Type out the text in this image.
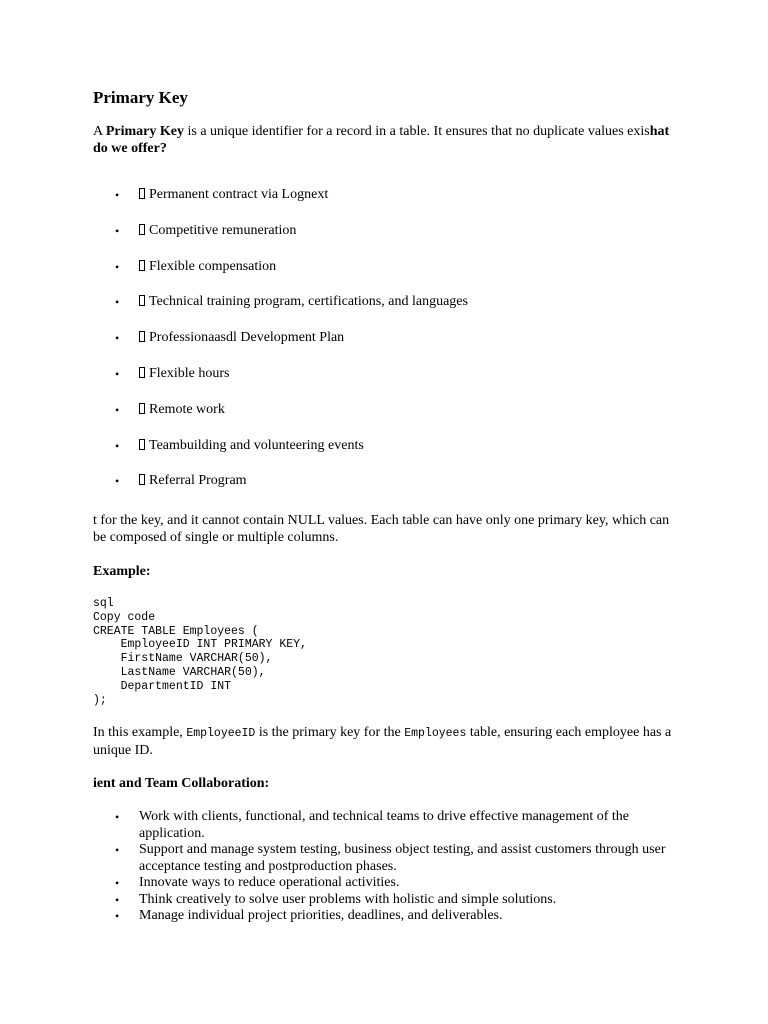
Primary Key
A Primary Key is a unique identifier for a record in a table. It ensures that no duplicate values exishat do we offer?
•	Permanent contract via Lognext
•	Competitive remuneration
•	Flexible compensation
•	Technical training program, certifications, and languages
•	Professionaasdl Development Plan
•	Flexible hours
•	Remote work
•	Teambuilding and volunteering events
•	Referral Program
t for the key, and it cannot contain NULL values. Each table can have only one primary key, which can be composed of single or multiple columns.
Example:
sql
Copy code
CREATE TABLE Employees (
EmployeeID INT PRIMARY KEY,
FirstName VARCHAR(50),
LastName VARCHAR(50),
DepartmentID INT
);
In this example, EmployeeID is the primary key for the Employees table, ensuring each employee has a unique ID.
ient and Team Collaboration:
• Work with clients, functional, and technical teams to drive effective management of the application.
• Support and manage system testing, business object testing, and assist customers through user acceptance testing and postproduction phases.
• Innovate ways to reduce operational activities.
• Think creatively to solve user problems with holistic and simple solutions.
• Manage individual project priorities, deadlines, and deliverables.
